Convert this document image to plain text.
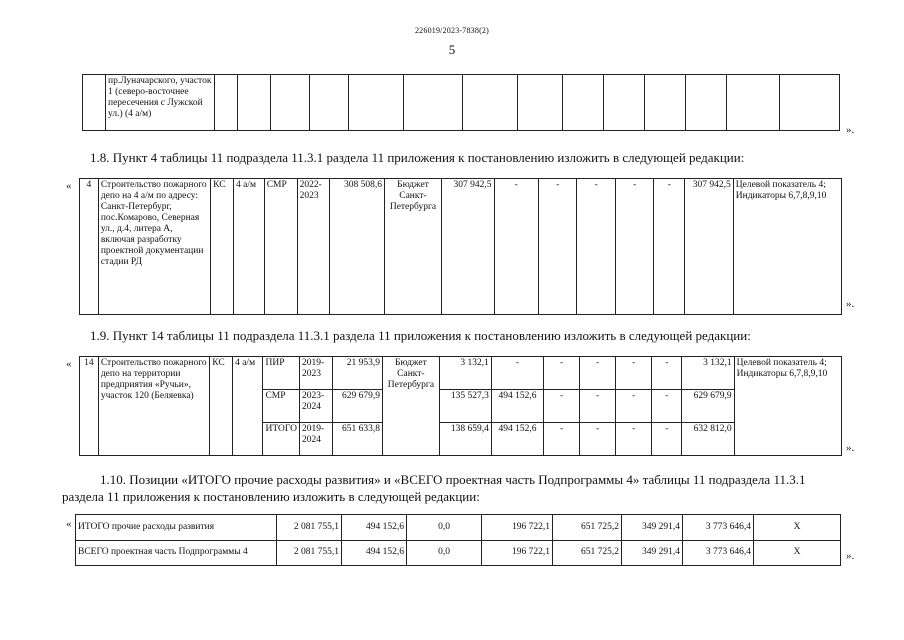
226019/2023-7838(2)
5
	пр.Луначарского, участок 1 (северо-восточнее пересечения с Лужской ул.) (4 а/м)														
».
1.8. Пункт 4 таблицы 11 подраздела 11.3.1 раздела 11 приложения к постановлению изложить в следующей редакции:
« 4	Строительство пожарного депо на 4 а/м по адресу: Санкт-Петербург, пос.Комарово, Северная ул., д.4, литера А, включая разработку проектной документации стадии РД	КС	4 а/м	СМР	2022-2023	308 508,6	Бюджет Санкт-Петербурга	307 942,5	-	-	-	-	-	307 942,5	Целевой показатель 4; Индикаторы 6,7,8,9,10
».
1.9. Пункт 14 таблицы 11 подраздела 11.3.1 раздела 11 приложения к постановлению изложить в следующей редакции:
« 14	Строительство пожарного депо на территории предприятия «Ручьи», участок 120 (Беляевка)	КС	4 а/м	ПИР	2019-2023	21 953,9	Бюджет Санкт-Петербурга	3 132,1	-	-	-	-	-	3 132,1	Целевой показатель 4; Индикаторы 6,7,8,9,10
				СМР	2023-2024	629 679,9		135 527,3	494 152,6	-	-	-	-	629 679,9	
				ИТОГО	2019-2024	651 633,8		138 659,4	494 152,6	-	-	-	-	632 812,0	
».
1.10. Позиции «ИТОГО прочие расходы развития» и «ВСЕГО проектная часть Подпрограммы 4» таблицы 11 подраздела 11.3.1
раздела 11 приложения к постановлению изложить в следующей редакции:
« ИТОГО прочие расходы развития	2 081 755,1	494 152,6	0,0	196 722,1	651 725,2	349 291,4	3 773 646,4	X
ВСЕГО проектная часть Подпрограммы 4	2 081 755,1	494 152,6	0,0	196 722,1	651 725,2	349 291,4	3 773 646,4	X	».
